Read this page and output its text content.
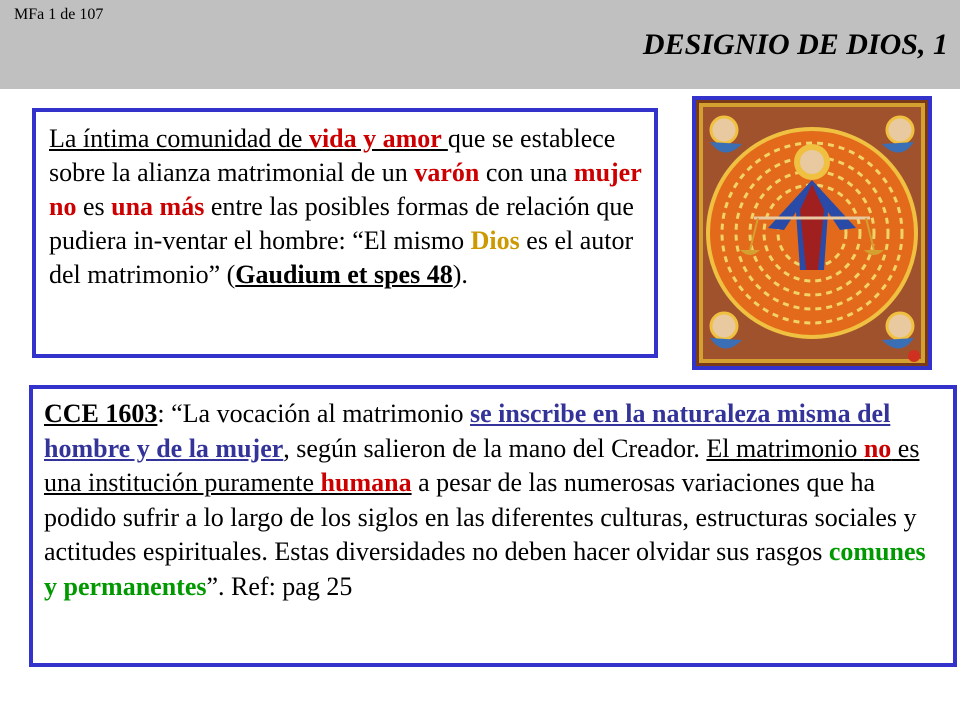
MFa 1 de 107
DESIGNIO DE DIOS, 1

La íntima comunidad de vida y amor que se establece sobre la alianza matrimonial de un varón con una mujer no es una más entre las posibles formas de relación que pudiera in-ventar el hombre: “El mismo Dios es el autor del matrimonio” (Gaudium et spes 48).

CCE 1603: “La vocación al matrimonio se inscribe en la naturaleza misma del hombre y de la mujer, según salieron de la mano del Creador. El matrimonio no es una institución puramente humana a pesar de las numerosas variaciones que ha podido sufrir a lo largo de los siglos en las diferentes culturas, estructuras sociales y actitudes espirituales. Estas diversidades no deben hacer olvidar sus rasgos comunes y permanentes”. Ref: pag 25
